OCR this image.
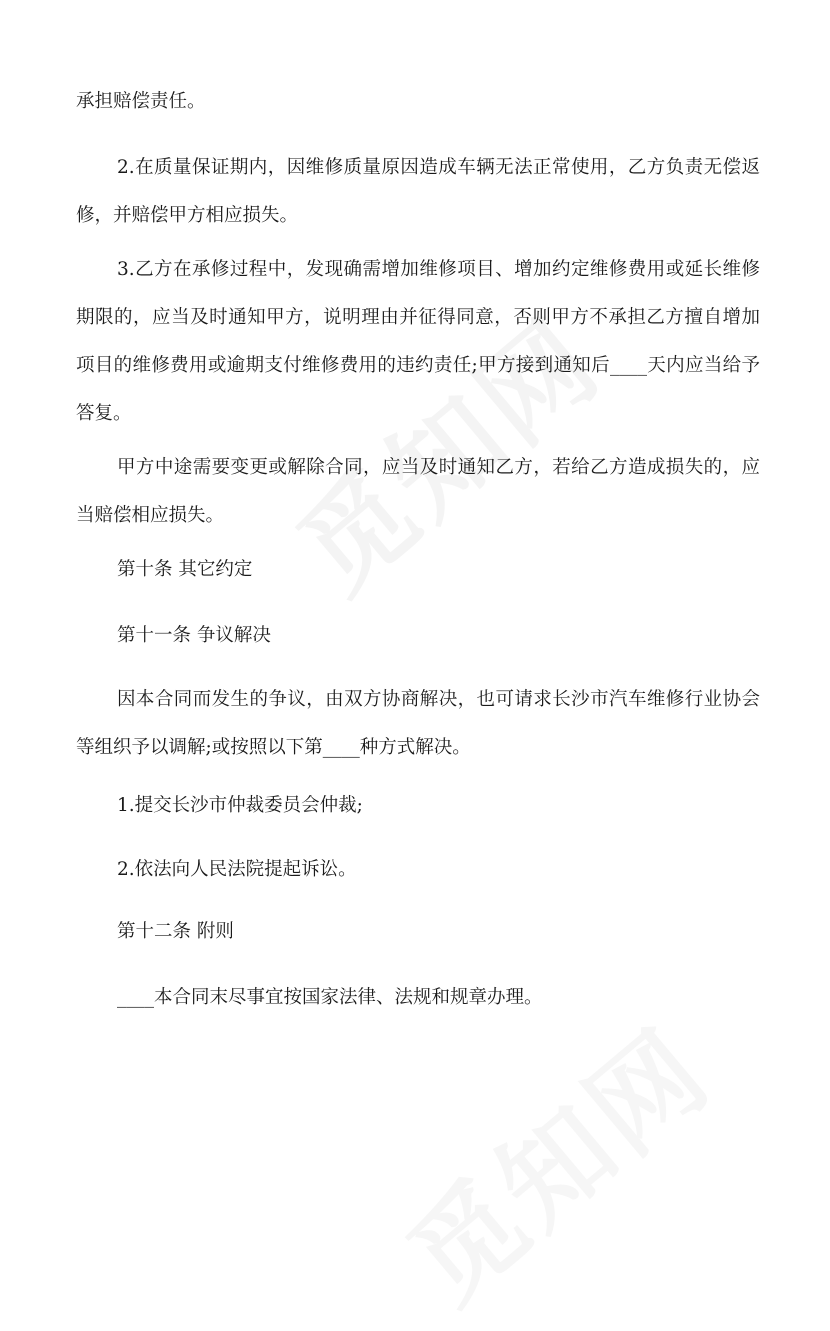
承担赔偿责任。

2.在质量保证期内，因维修质量原因造成车辆无法正常使用，乙方负责无偿返修，并赔偿甲方相应损失。

3.乙方在承修过程中，发现确需增加维修项目、增加约定维修费用或延长维修期限的，应当及时通知甲方，说明理由并征得同意，否则甲方不承担乙方擅自增加项目的维修费用或逾期支付维修费用的违约责任;甲方接到通知后____天内应当给予答复。

甲方中途需要变更或解除合同，应当及时通知乙方，若给乙方造成损失的，应当赔偿相应损失。

第十条 其它约定

第十一条 争议解决

因本合同而发生的争议，由双方协商解决，也可请求长沙市汽车维修行业协会等组织予以调解;或按照以下第____种方式解决。

1.提交长沙市仲裁委员会仲裁;

2.依法向人民法院提起诉讼。

第十二条 附则

____本合同末尽事宜按国家法律、法规和规章办理。
